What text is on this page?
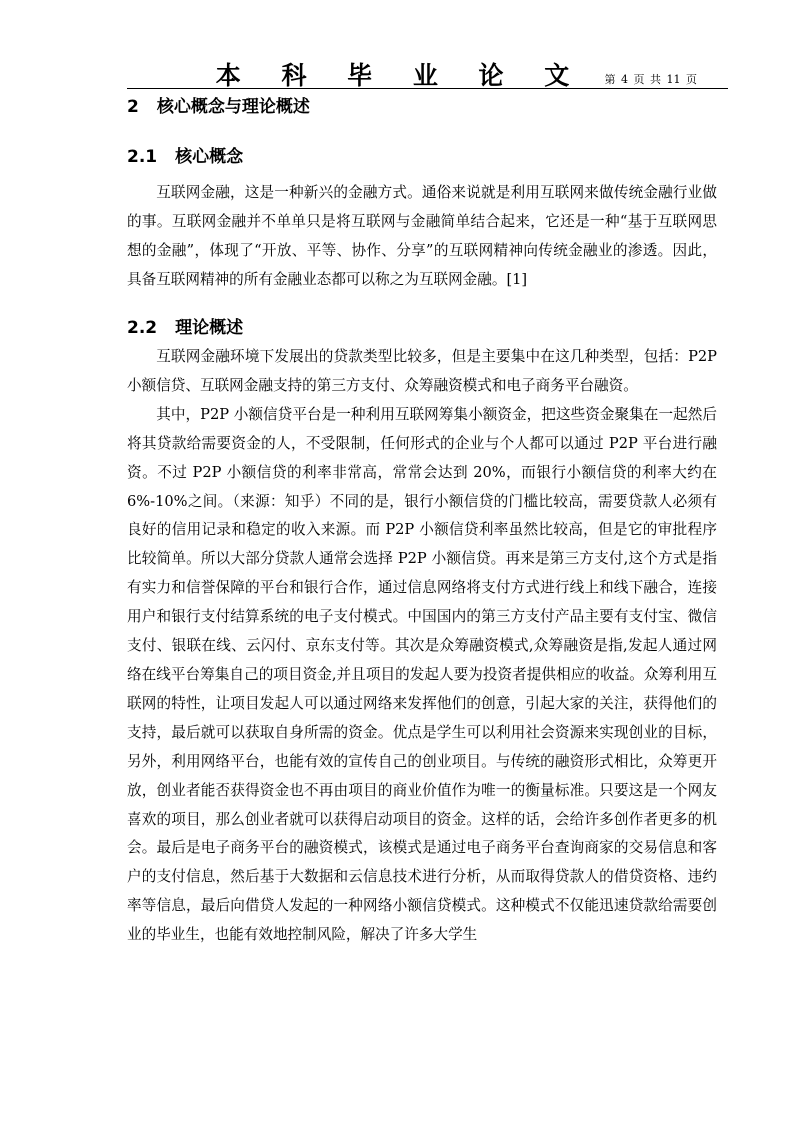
本 科 毕 业 论 文	第 4 页 共 11 页
2 核心概念与理论概述
2.1 核心概念

互联网金融，这是一种新兴的金融方式。通俗来说就是利用互联网来做传统金融行业做的事。互联网金融并不单单只是将互联网与金融简单结合起来，它还是一种“基于互联网思想的金融”，体现了“开放、平等、协作、分享”的互联网精神向传统金融业的渗透。因此，具备互联网精神的所有金融业态都可以称之为互联网金融。[1]

2.2 理论概述

互联网金融环境下发展出的贷款类型比较多，但是主要集中在这几种类型，包括：P2P 小额信贷、互联网金融支持的第三方支付、众筹融资模式和电子商务平台融资。

其中，P2P 小额信贷平台是一种利用互联网筹集小额资金，把这些资金聚集在一起然后将其贷款给需要资金的人，不受限制，任何形式的企业与个人都可以通过 P2P 平台进行融资。不过 P2P 小额信贷的利率非常高，常常会达到 20%，而银行小额信贷的利率大约在 6%-10%之间。（来源：知乎）不同的是，银行小额信贷的门槛比较高，需要贷款人必须有良好的信用记录和稳定的收入来源。而 P2P 小额信贷利率虽然比较高，但是它的审批程序比较简单。所以大部分贷款人通常会选择 P2P 小额信贷。再来是第三方支付,这个方式是指有实力和信誉保障的平台和银行合作，通过信息网络将支付方式进行线上和线下融合，连接用户和银行支付结算系统的电子支付模式。中国国内的第三方支付产品主要有支付宝、微信支付、银联在线、云闪付、京东支付等。其次是众筹融资模式,众筹融资是指,发起人通过网络在线平台筹集自己的项目资金,并且项目的发起人要为投资者提供相应的收益。众筹利用互联网的特性，让项目发起人可以通过网络来发挥他们的创意，引起大家的关注，获得他们的支持，最后就可以获取自身所需的资金。优点是学生可以利用社会资源来实现创业的目标，另外，利用网络平台，也能有效的宣传自己的创业项目。与传统的融资形式相比，众筹更开放，创业者能否获得资金也不再由项目的商业价值作为唯一的衡量标准。只要这是一个网友喜欢的项目，那么创业者就可以获得启动项目的资金。这样的话，会给许多创作者更多的机会。最后是电子商务平台的融资模式，该模式是通过电子商务平台查询商家的交易信息和客户的支付信息，然后基于大数据和云信息技术进行分析，从而取得贷款人的借贷资格、违约率等信息，最后向借贷人发起的一种网络小额信贷模式。这种模式不仅能迅速贷款给需要创业的毕业生，也能有效地控制风险，解决了许多大学生
